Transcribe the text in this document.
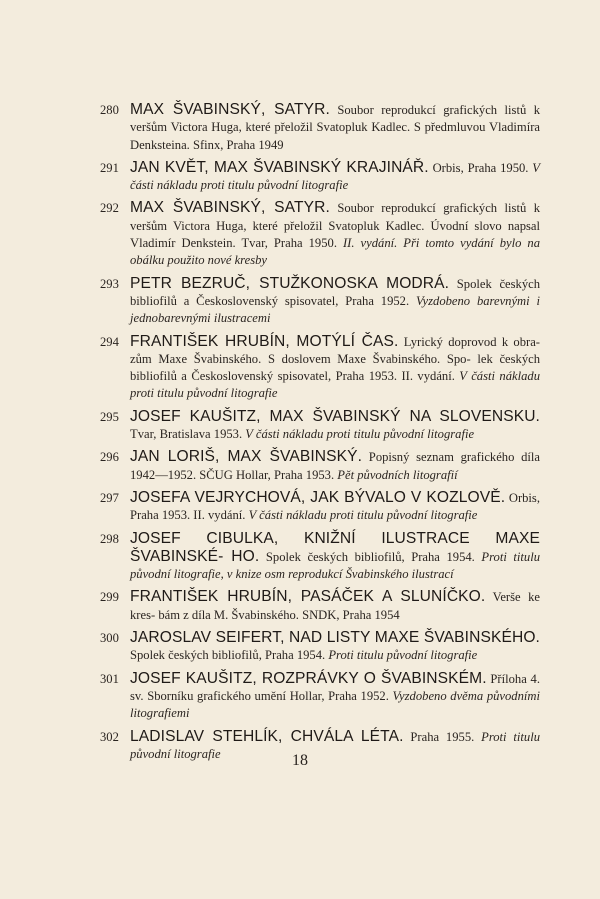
280 MAX ŠVABINSKÝ, SATYR. Soubor reprodukcí grafických listů k veršům Victora Huga, které přeložil Svatopluk Kadlec. S předmluvou Vladimíra Denksteina. Sfinx, Praha 1949
291 JAN KVĚT, MAX ŠVABINSKÝ KRAJINÁŘ. Orbis, Praha 1950. V části nákladu proti titulu původní litografie
292 MAX ŠVABINSKÝ, SATYR. Soubor reprodukcí grafických listů k veršům Victora Huga, které přeložil Svatopluk Kadlec. Úvodní slovo napsal Vladimír Denkstein. Tvar, Praha 1950. II. vydání. Při tomto vydání bylo na obálku použito nové kresby
293 PETR BEZRUČ, STUŽKONOSKA MODRÁ. Spolek českých bibliofilů a Československý spisovatel, Praha 1952. Vyzdobeno barevnými i jednobarevnými ilustracemi
294 FRANTIŠEK HRUBÍN, MOTÝLÍ ČAS. Lyrický doprovod k obra- zům Maxe Švabinského. S doslovem Maxe Švabinského. Spo- lek českých bibliofilů a Československý spisovatel, Praha 1953. II. vydání. V části nákladu proti titulu původní litografie
295 JOSEF KAUŠITZ, MAX ŠVABINSKÝ NA SLOVENSKU. Tvar, Bratislava 1953. V části nákladu proti titulu původní litografie
296 JAN LORIŠ, MAX ŠVABINSKÝ. Popisný seznam grafického díla 1942—1952. SČUG Hollar, Praha 1953. Pět původních litografií
297 JOSEFA VEJRYCHOVÁ, JAK BÝVALO V KOZLOVĚ. Orbis, Praha 1953. II. vydání. V části nákladu proti titulu původní litografie
298 JOSEF CIBULKA, KNIŽNÍ ILUSTRACE MAXE ŠVABINSKÉ- HO. Spolek českých bibliofilů, Praha 1954. Proti titulu původní litografie, v knize osm reprodukcí Švabinského ilustrací
299 FRANTIŠEK HRUBÍN, PASÁČEK A SLUNÍČKO. Verše ke kres- bám z díla M. Švabinského. SNDK, Praha 1954
300 JAROSLAV SEIFERT, NAD LISTY MAXE ŠVABINSKÉHO. Spolek českých bibliofilů, Praha 1954. Proti titulu původní litografie
301 JOSEF KAUŠITZ, ROZPRÁVKY O ŠVABINSKÉM. Příloha 4. sv. Sborníku grafického umění Hollar, Praha 1952. Vyzdobeno dvěma původními litografiemi
302 LADISLAV STEHLÍK, CHVÁLA LÉTA. Praha 1955. Proti titulu původní litografie	18
